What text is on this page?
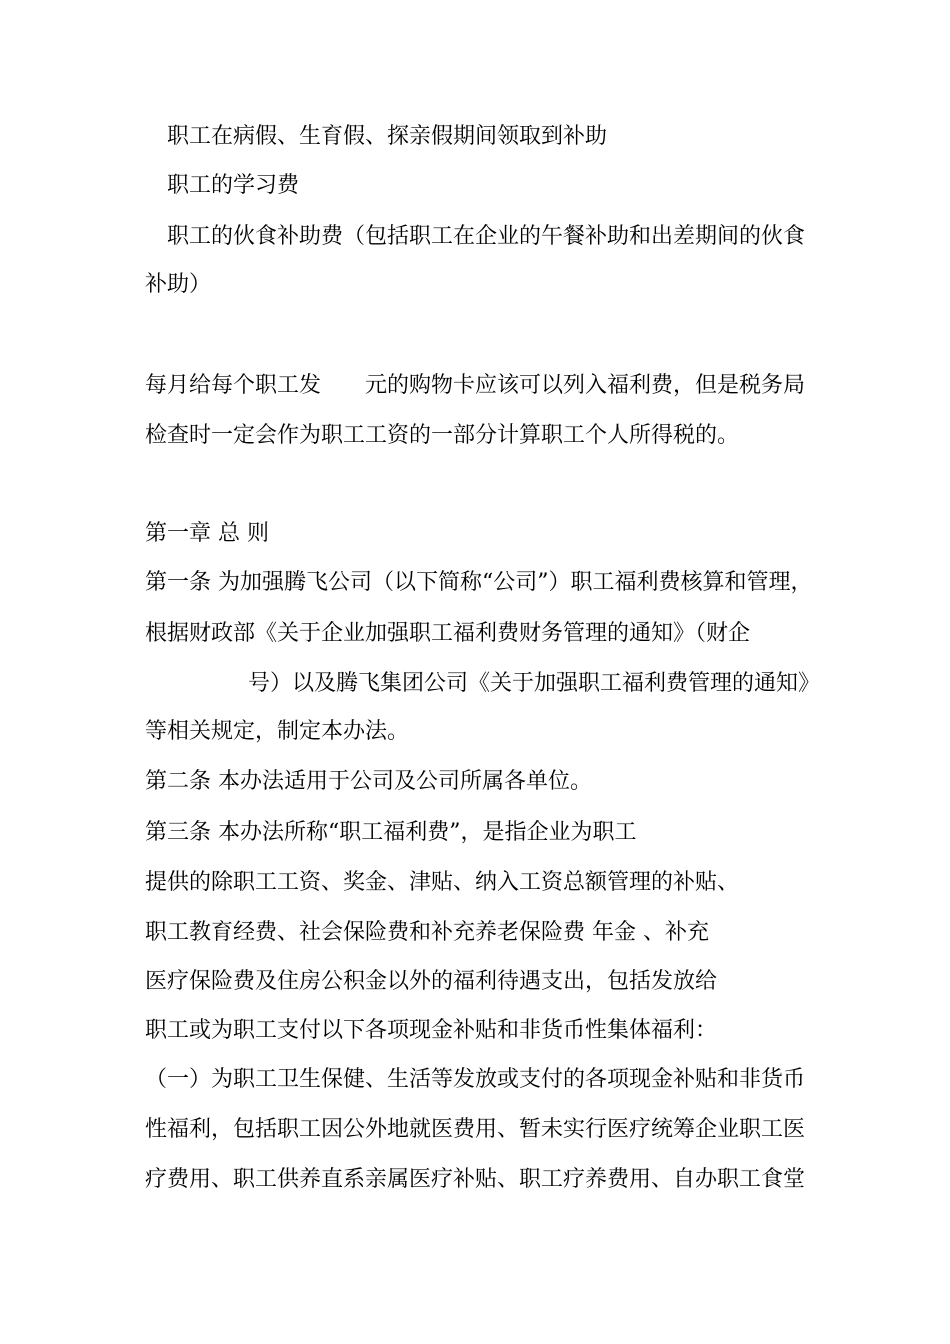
职工在病假、生育假、探亲假期间领取到补助
职工的学习费
职工的伙食补助费（包括职工在企业的午餐补助和出差期间的伙食
补助）
每月给每个职工发　　元的购物卡应该可以列入福利费，但是税务局
检查时一定会作为职工工资的一部分计算职工个人所得税的。
第一章 总 则
第一条 为加强腾飞公司（以下简称“公司”）职工福利费核算和管理，
根据财政部《关于企业加强职工福利费财务管理的通知》（财企
号）以及腾飞集团公司《关于加强职工福利费管理的通知》
等相关规定，制定本办法。
第二条 本办法适用于公司及公司所属各单位。
第三条 本办法所称“职工福利费”，是指企业为职工
提供的除职工工资、奖金、津贴、纳入工资总额管理的补贴、
职工教育经费、社会保险费和补充养老保险费 年金 、补充
医疗保险费及住房公积金以外的福利待遇支出，包括发放给
职工或为职工支付以下各项现金补贴和非货币性集体福利：
（一）为职工卫生保健、生活等发放或支付的各项现金补贴和非货币
性福利，包括职工因公外地就医费用、暂未实行医疗统筹企业职工医
疗费用、职工供养直系亲属医疗补贴、职工疗养费用、自办职工食堂
